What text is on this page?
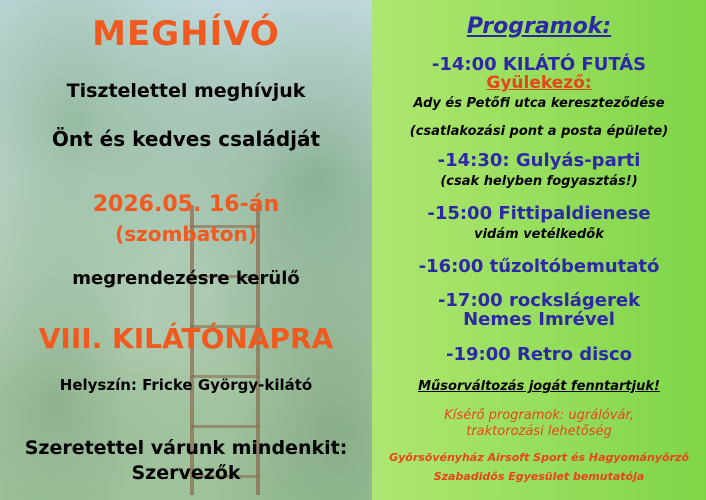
MEGHÍVÓ
Tisztelettel meghívjuk
Önt és kedves családját
2026.05. 16-án
(szombaton)
megrendezésre kerülő
VIII. KILÁTÓNAPRA
Helyszín: Fricke György-kilátó
Szeretettel várunk mindenkit:
Szervezők
Programok:
-14:00 KILÁTÓ FUTÁS
Gyülekező:
Ady és Petőfi utca kereszteződése
(csatlakozási pont a posta épülete)
-14:30: Gulyás-parti
(csak helyben fogyasztás!)
-15:00 Fittipaldienese
vidám vetélkedők
-16:00 tűzoltóbemutató
-17:00 rockslágerek
Nemes Imrével
-19:00 Retro disco
Műsorváltozás jogát fenntartjuk!
Kísérő programok: ugrálóvár,
traktorozási lehetőség
Győrsövényház Airsoft Sport és Hagyományőrző
Szabadidős Egyesület bemutatója
